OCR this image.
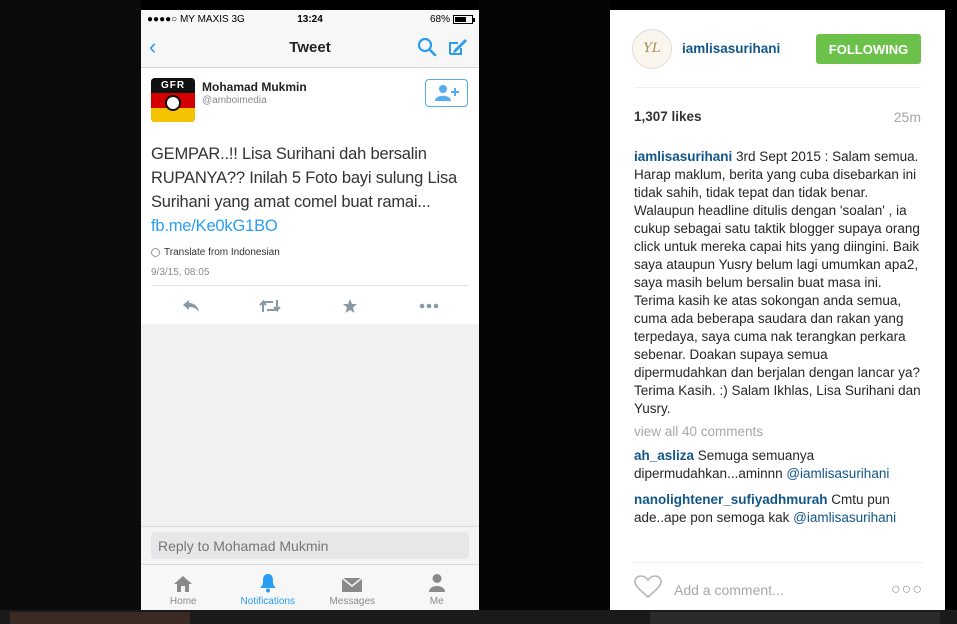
●●●●○ MY MAXIS 3G	13:24	68%
‹	Tweet
GFR	Mohamad Mukmin
@amboimedia
GEMPAR..!! Lisa Surihani dah bersalin RUPANYA?? Inilah 5 Foto bayi sulung Lisa Surihani yang amat comel buat ramai... fb.me/Ke0kG1BO
Translate from Indonesian
9/3/15, 08:05
Reply to Mohamad Mukmin
Home	Notifications	Messages	Me
YL	iamlisasurihani	FOLLOWING
1,307 likes	25m
iamlisasurihani 3rd Sept 2015 : Salam semua. Harap maklum, berita yang cuba disebarkan ini tidak sahih, tidak tepat dan tidak benar. Walaupun headline ditulis dengan 'soalan' , ia cukup sebagai satu taktik blogger supaya orang click untuk mereka capai hits yang diingini. Baik saya ataupun Yusry belum lagi umumkan apa2, saya masih belum bersalin buat masa ini. Terima kasih ke atas sokongan anda semua, cuma ada beberapa saudara dan rakan yang terpedaya, saya cuma nak terangkan perkara sebenar. Doakan supaya semua dipermudahkan dan berjalan dengan lancar ya? Terima Kasih. :) Salam Ikhlas, Lisa Surihani dan Yusry.
view all 40 comments
ah_asliza Semuga semuanya dipermudahkan...aminnn @iamlisasurihani
nanolightener_sufiyadhmurah Cmtu pun ade..ape pon semoga kak @iamlisasurihani
Add a comment...	○○○
